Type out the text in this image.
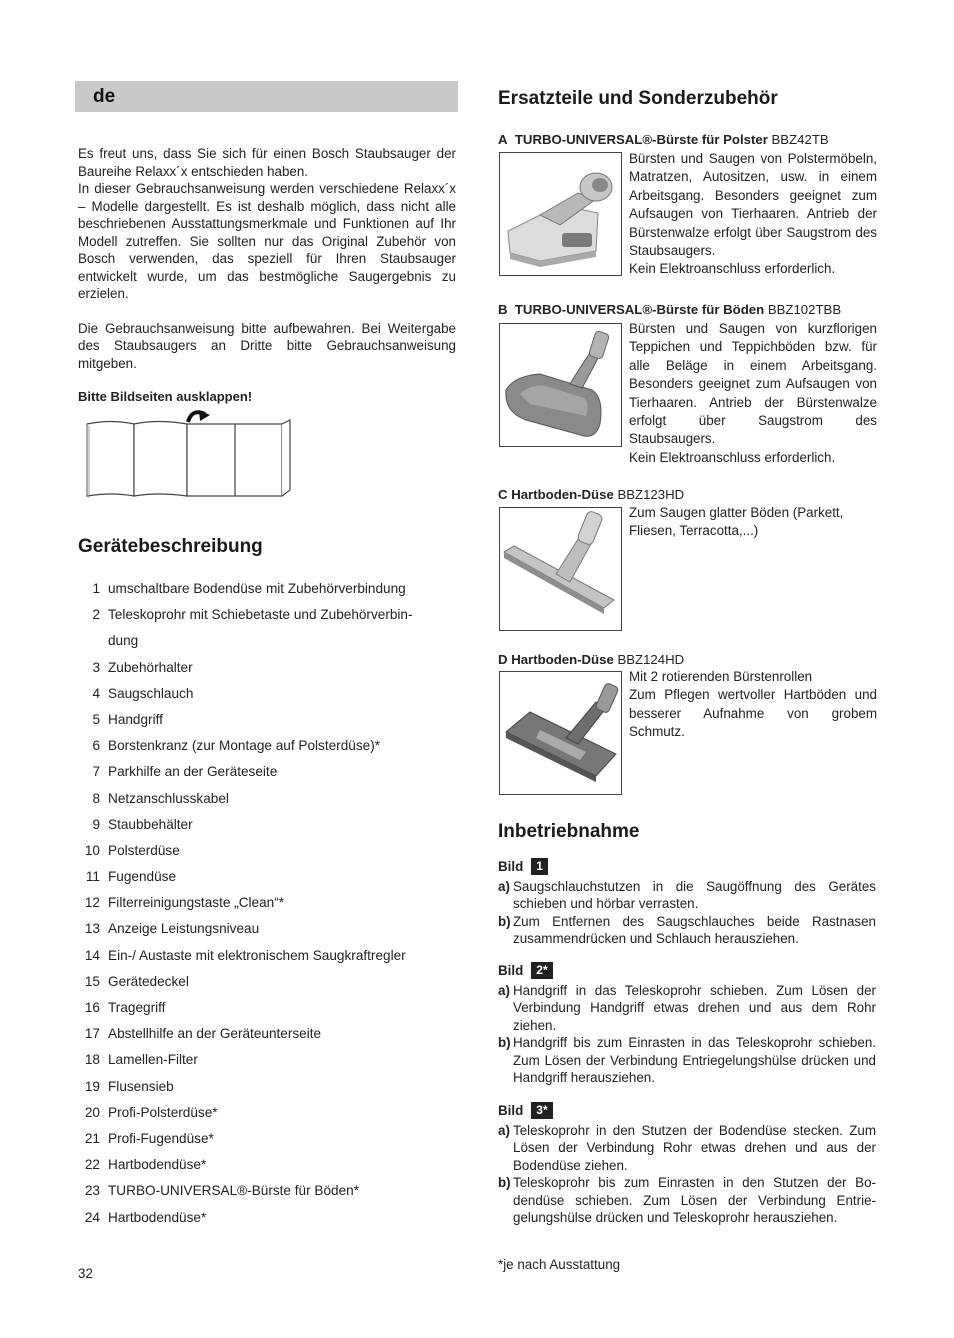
de

Es freut uns, dass Sie sich für einen Bosch Staubsauger der Baureihe Relaxx´x entschieden haben.

In dieser Gebrauchsanweisung werden verschiedene Relaxx´x – Modelle dargestellt. Es ist deshalb möglich, dass nicht alle beschriebenen Ausstattungsmerkmale und Funktionen auf Ihr Modell zutreffen. Sie sollten nur das Original Zubehör von Bosch verwenden, das speziell für Ihren Staubsauger entwickelt wurde, um das bestmögliche Saugergebnis zu erzielen.

Die Gebrauchsanweisung bitte aufbewahren. Bei Weitergabe des Staubsaugers an Dritte bitte Gebrauchsanweisung mitgeben.

Bitte Bildseiten ausklappen!
Gerätebeschreibung
1 umschaltbare Bodendüse mit Zubehörverbindung
2 Teleskoprohr mit Schiebetaste und Zubehörverbin-
dung
3 Zubehörhalter
4 Saugschlauch
5 Handgriff
6 Borstenkranz (zur Montage auf Polsterdüse)*
7 Parkhilfe an der Geräteseite
8 Netzanschlusskabel
9 Staubbehälter
10 Polsterdüse
11 Fugendüse
12 Filterreinigungstaste „Clean“*
13 Anzeige Leistungsniveau
14 Ein-/ Austaste mit elektronischem Saugkraftregler
15 Gerätedeckel
16 Tragegriff
17 Abstellhilfe an der Geräteunterseite
18 Lamellen-Filter
19 Flusensieb
20 Profi-Polsterdüse*
21 Profi-Fugendüse*
22 Hartbodendüse*
23 TURBO-UNIVERSAL®-Bürste für Böden*
24 Hartbodendüse*
32
Ersatzteile und Sonderzubehör
A TURBO-UNIVERSAL®-Bürste für Polster BBZ42TB

Bürsten und Saugen von Polstermöbeln, Matratzen, Autositzen, usw. in einem Arbeitsgang. Besonders geeignet zum Aufsaugen von Tierhaaren. Antrieb der Bürstenwalze erfolgt über Saugstrom des Staubsaugers.

Kein Elektroanschluss erforderlich.

B TURBO-UNIVERSAL®-Bürste für Böden BBZ102TBB

Bürsten und Saugen von kurzflorigen Teppichen und Teppichböden bzw. für alle Beläge in einem Arbeitsgang. Besonders geeignet zum Aufsaugen von Tierhaaren. Antrieb der Bürstenwalze erfolgt über Saugstrom des Staubsaugers.

Kein Elektroanschluss erforderlich.

C Hartboden-Düse BBZ123HD

Zum Saugen glatter Böden (Parkett, Fliesen, Terracotta,...)

D Hartboden-Düse BBZ124HD

Mit 2 rotierenden Bürstenrollen

Zum Pflegen wertvoller Hartböden und besserer Aufnahme von grobem Schmutz.

Inbetriebnahme
Bild	1
a) Saugschlauchstutzen in die Saugöffnung des Gerätes schieben und hörbar verrasten.
b) Zum Entfernen des Saugschlauches beide Rastnasen zusammendrücken und Schlauch herausziehen.
Bild	2*
a) Handgriff in das Teleskoprohr schieben. Zum Lösen der Verbindung Handgriff etwas drehen und aus dem Rohr ziehen.
b) Handgriff bis zum Einrasten in das Teleskoprohr schieben. Zum Lösen der Verbindung Entriegelungshülse drücken und Handgriff herausziehen.
Bild	3*
a) Teleskoprohr in den Stutzen der Bodendüse stecken. Zum Lösen der Verbindung Rohr etwas drehen und aus der Bodendüse ziehen.
b) Teleskoprohr bis zum Einrasten in den Stutzen der Bodendüse schieben. Zum Lösen der Verbindung Entriegelungshülse drücken und Teleskoprohr herausziehen.
*je nach Ausstattung
